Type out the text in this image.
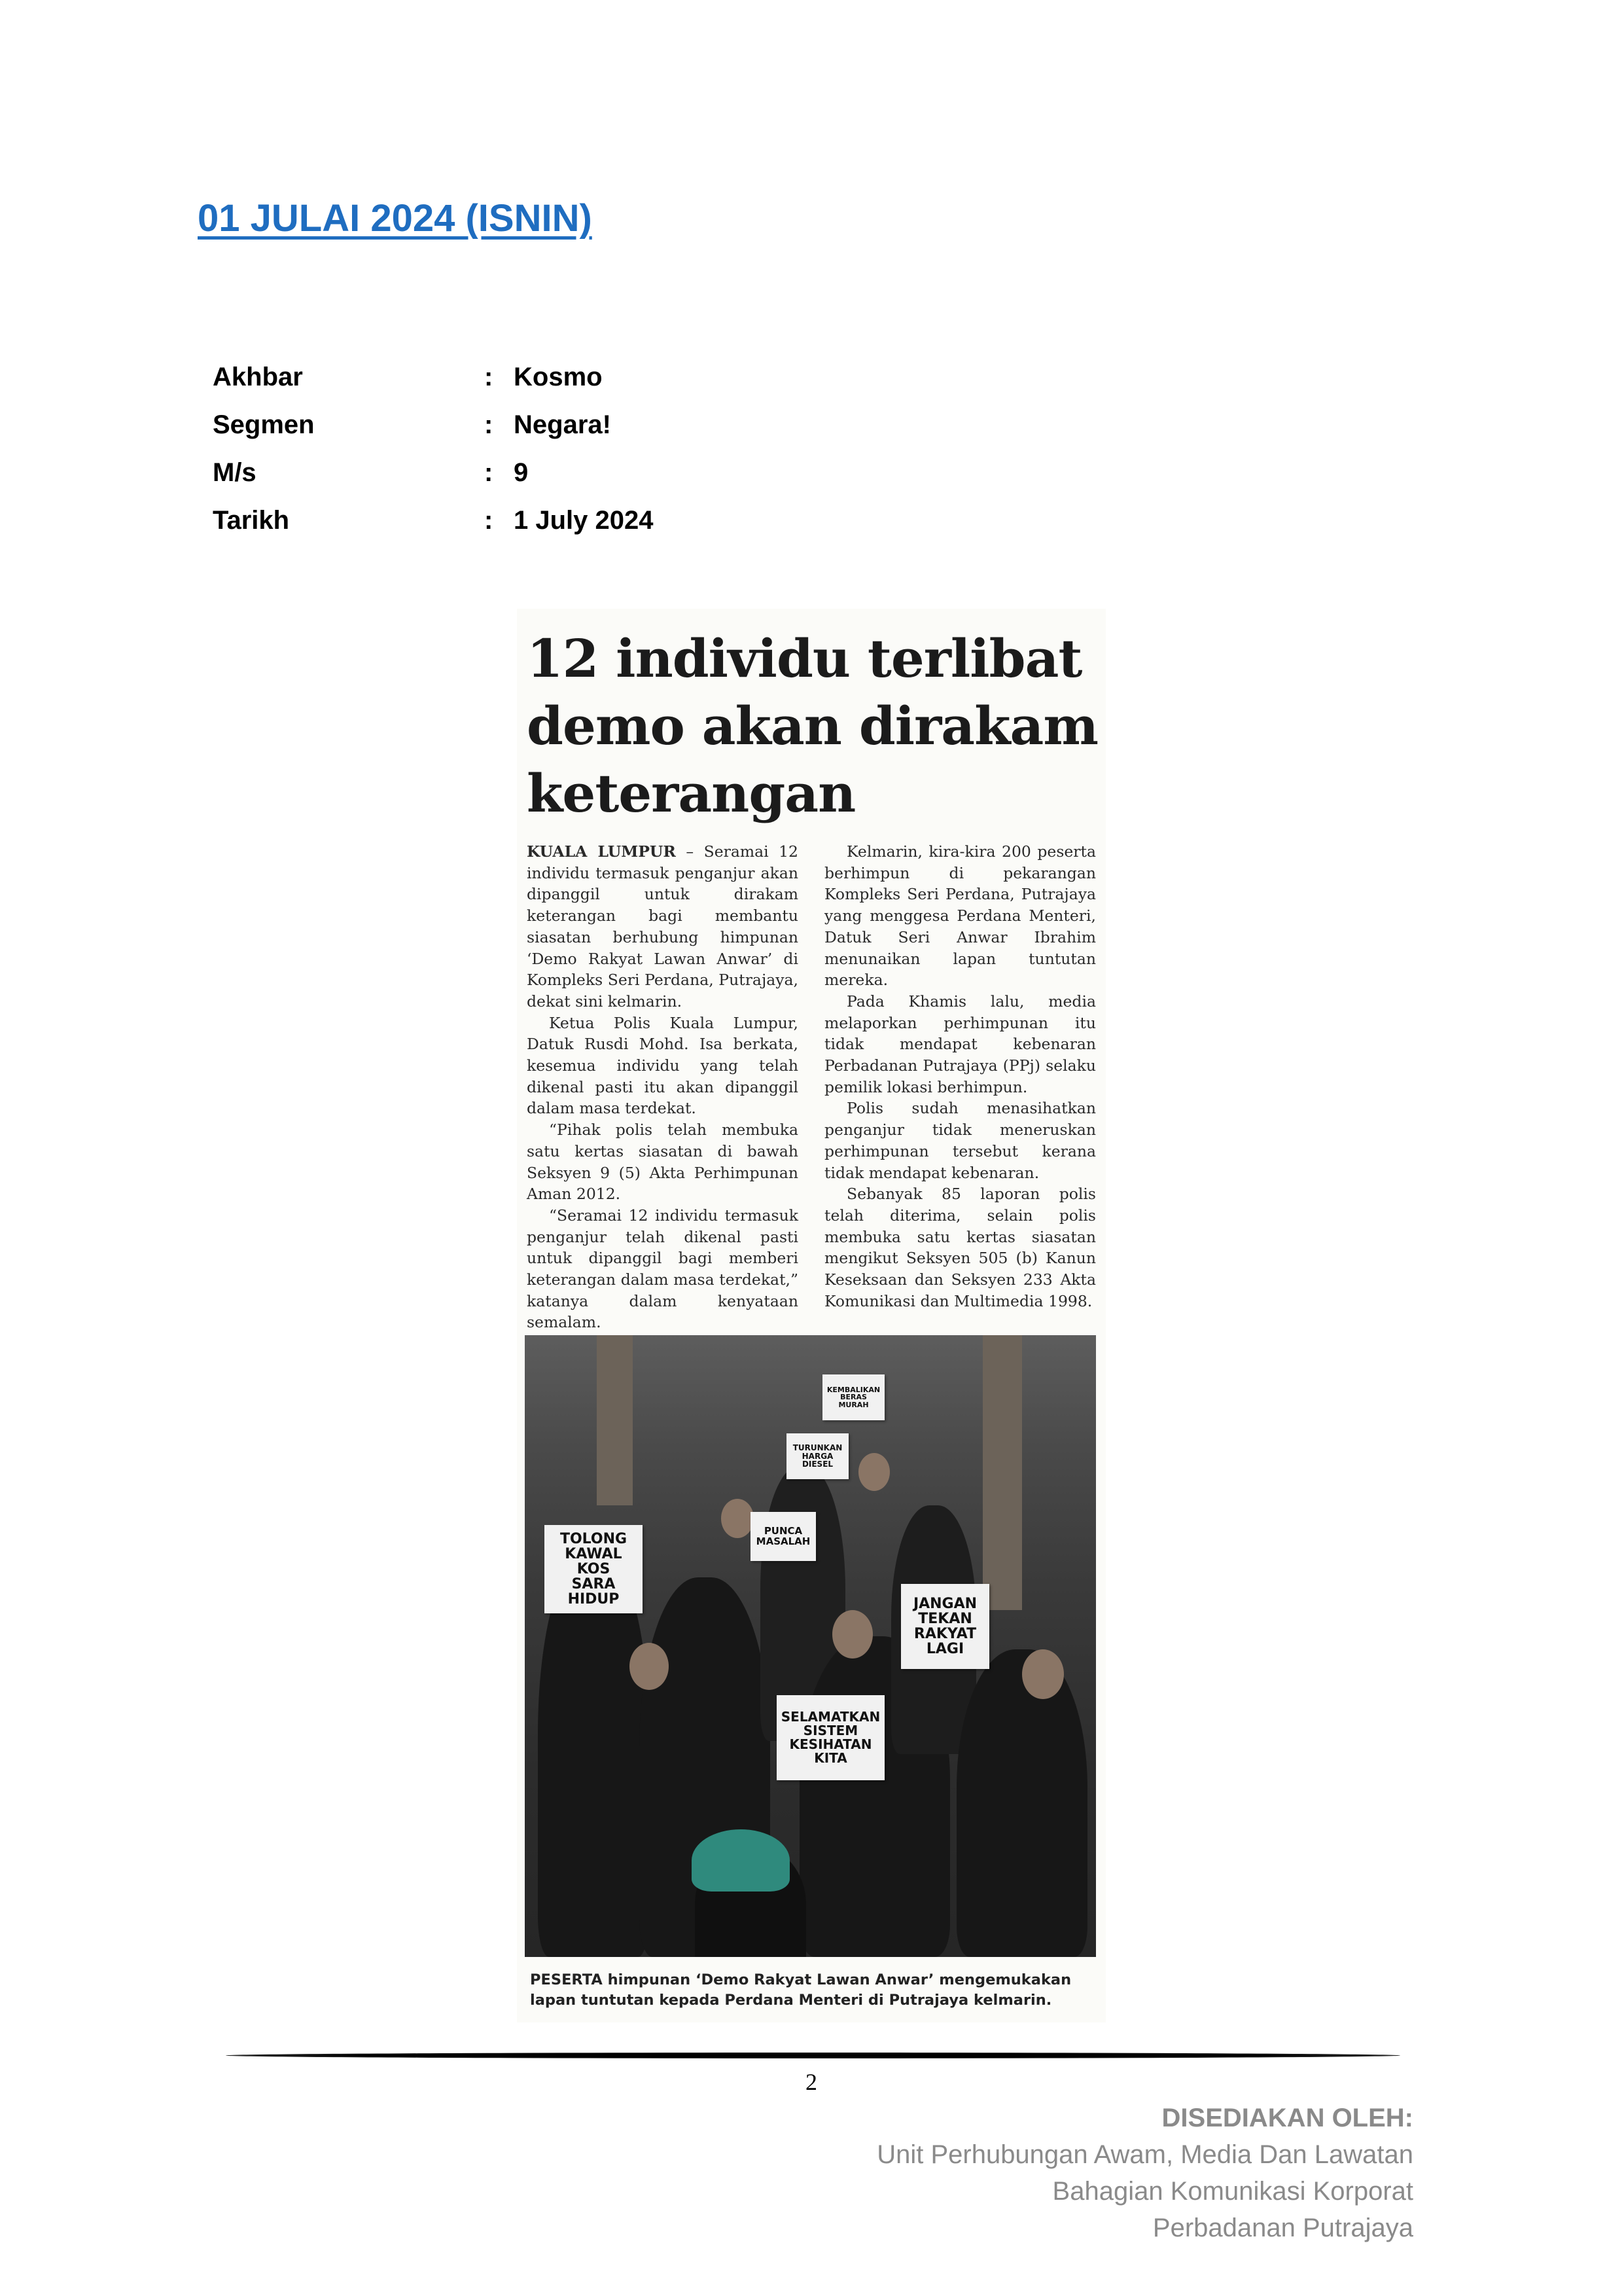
01 JULAI 2024 (ISNIN)
Akhbar	: Kosmo
Segmen	: Negara!
M/s	: 9
Tarikh	: 1 July 2024
12 individu terlibat demo akan dirakam keterangan

KUALA LUMPUR – Seramai 12 individu termasuk penganjur akan dipanggil untuk dirakam keterangan bagi membantu siasatan berhubung himpunan ‘Demo Rakyat Lawan Anwar’ di Kompleks Seri Perdana, Putrajaya, dekat sini kelmarin.

Ketua Polis Kuala Lumpur, Datuk Rusdi Mohd. Isa berkata, kesemua individu yang telah dikenal pasti itu akan dipanggil dalam masa terdekat.

“Pihak polis telah membuka satu kertas siasatan di bawah Seksyen 9 (5) Akta Perhimpunan Aman 2012.

“Seramai 12 individu termasuk penganjur telah dikenal pasti untuk dipanggil bagi memberi keterangan dalam masa terdekat,” katanya dalam kenyataan semalam.

Kelmarin, kira-kira 200 peserta berhimpun di pekarangan Kompleks Seri Perdana, Putrajaya yang menggesa Perdana Menteri, Datuk Seri Anwar Ibrahim menunaikan lapan tuntutan mereka.

Pada Khamis lalu, media melaporkan perhimpunan itu tidak mendapat kebenaran Perbadanan Putrajaya (PPj) selaku pemilik lokasi berhimpun.

Polis sudah menasihatkan penganjur tidak meneruskan perhimpunan tersebut kerana tidak mendapat kebenaran.

Sebanyak 85 laporan polis telah diterima, selain polis membuka satu kertas siasatan mengikut Seksyen 505 (b) Kanun Keseksaan dan Seksyen 233 Akta Komunikasi dan Multimedia 1998.

TOLONG
KAWAL
KOS
SARA HIDUP	JANGAN
TEKAN
RAKYAT
LAGI
SELAMATKAN
SISTEM
KESIHATAN
KITA
PUNCA
MASALAH
TURUNKAN
HARGA
DIESEL
KEMBALIKAN
BERAS
MURAH
PESERTA himpunan ‘Demo Rakyat Lawan Anwar’ mengemukakan lapan tuntutan kepada Perdana Menteri di Putrajaya kelmarin.
2
DISEDIAKAN OLEH:
Unit Perhubungan Awam, Media Dan Lawatan
Bahagian Komunikasi Korporat
Perbadanan Putrajaya
